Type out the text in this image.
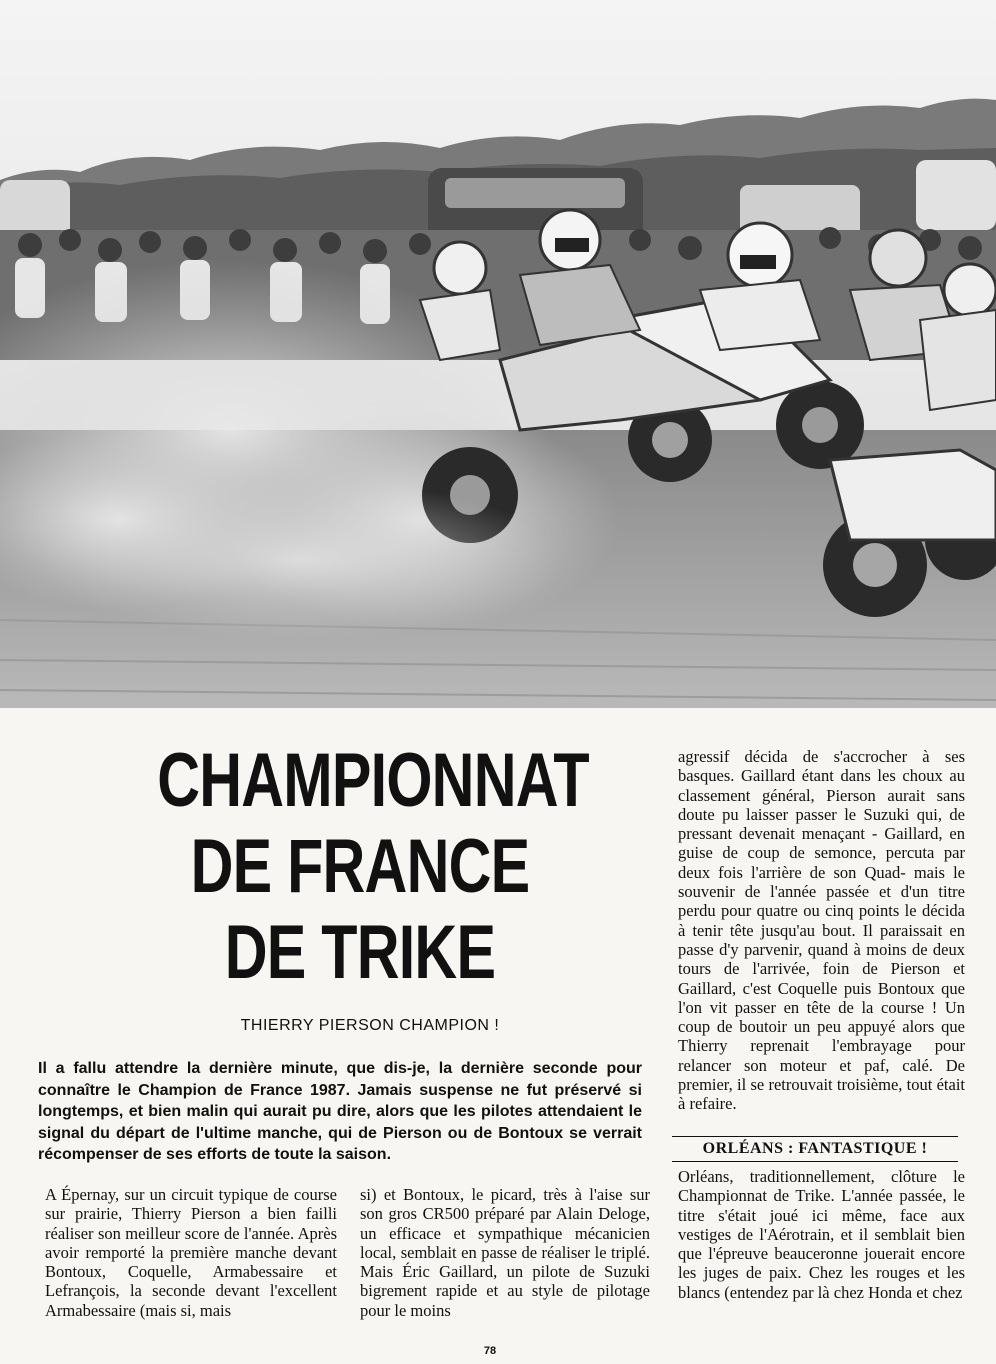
CHAMPIONNAT
DE FRANCE
DE TRIKE
THIERRY PIERSON CHAMPION !
Il a fallu attendre la dernière minute, que dis-je, la dernière seconde pour connaître le Champion de France 1987. Jamais suspense ne fut préservé si longtemps, et bien malin qui aurait pu dire, alors que les pilotes attendaient le signal du départ de l'ultime manche, qui de Pierson ou de Bontoux se verrait récompenser de ses efforts de toute la saison.
A Épernay, sur un circuit typique de course sur prairie, Thierry Pierson a bien failli réaliser son meilleur score de l'année. Après avoir remporté la première manche devant Bontoux, Coquelle, Armabessaire et Lefrançois, la seconde devant l'excellent Armabessaire (mais si, mais
si) et Bontoux, le picard, très à l'aise sur son gros CR500 préparé par Alain Deloge, un efficace et sympathique mécanicien local, semblait en passe de réaliser le triplé. Mais Éric Gaillard, un pilote de Suzuki bigrement rapide et au style de pilotage pour le moins
agressif décida de s'accrocher à ses basques. Gaillard étant dans les choux au classement général, Pierson aurait sans doute pu laisser passer le Suzuki qui, de pressant devenait menaçant - Gaillard, en guise de coup de semonce, percuta par deux fois l'arrière de son Quad- mais le souvenir de l'année passée et d'un titre perdu pour quatre ou cinq points le décida à tenir tête jusqu'au bout. Il paraissait en passe d'y parvenir, quand à moins de deux tours de l'arrivée, foin de Pierson et Gaillard, c'est Coquelle puis Bontoux que l'on vit passer en tête de la course ! Un coup de boutoir un peu appuyé alors que Thierry reprenait l'embrayage pour relancer son moteur et paf, calé. De premier, il se retrouvait troisième, tout était à refaire.
ORLÉANS : FANTASTIQUE !
Orléans, traditionnellement, clôture le Championnat de Trike. L'année passée, le titre s'était joué ici même, face aux vestiges de l'Aérotrain, et il semblait bien que l'épreuve beauceronne jouerait encore les juges de paix. Chez les rouges et les blancs (entendez par là chez Honda et chez
78
